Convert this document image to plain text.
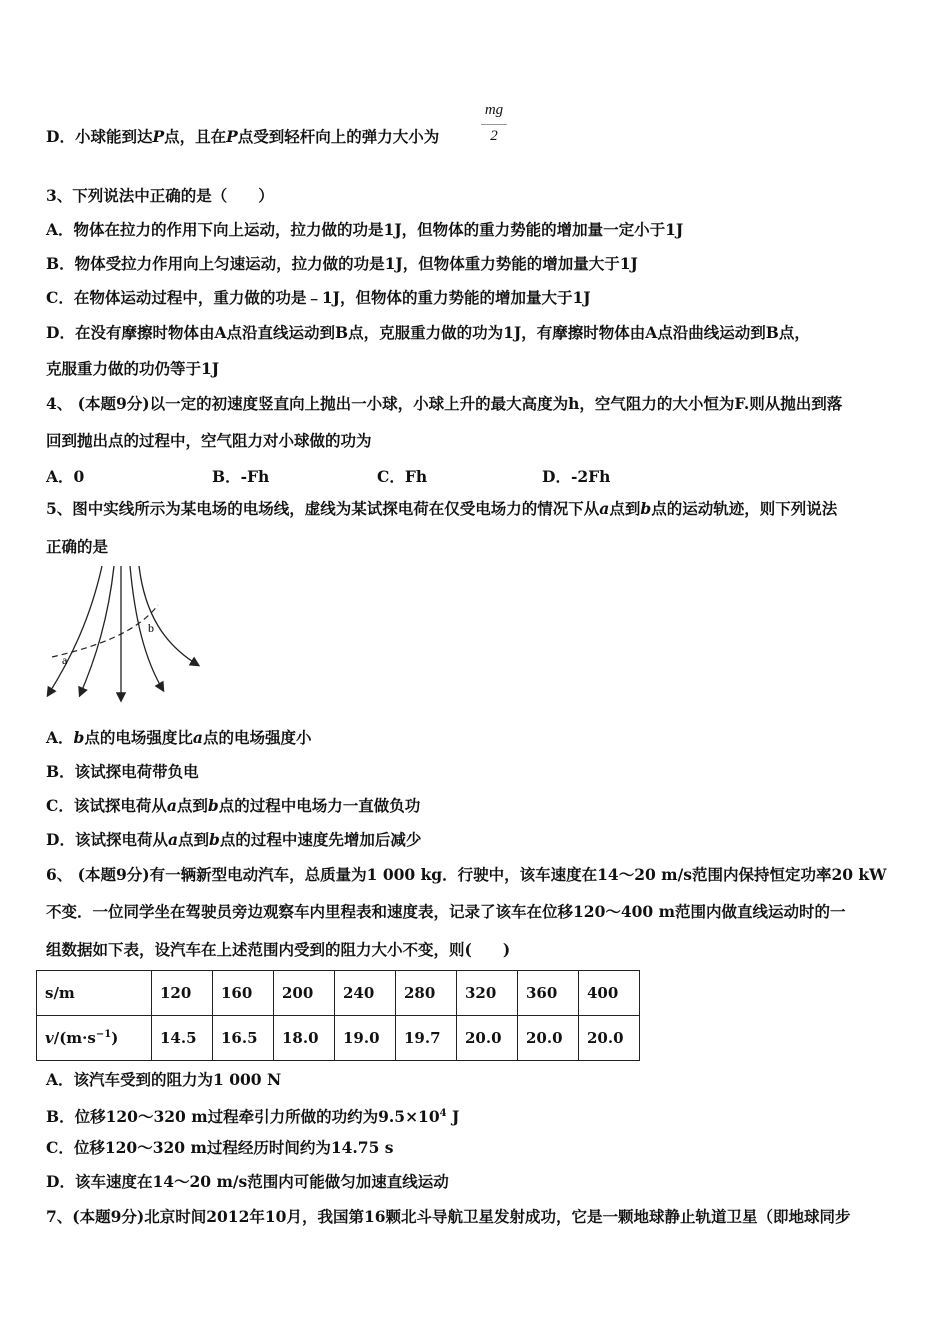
D．小球能到达P点，且在P点受到轻杆向上的弹力大小为
mg
2
3、下列说法中正确的是（　　）
A．物体在拉力的作用下向上运动，拉力做的功是1J，但物体的重力势能的增加量一定小于1J
B．物体受拉力作用向上匀速运动，拉力做的功是1J，但物体重力势能的增加量大于1J
C．在物体运动过程中，重力做的功是﹣1J，但物体的重力势能的增加量大于1J
D．在没有摩擦时物体由A点沿直线运动到B点，克服重力做的功为1J，有摩擦时物体由A点沿曲线运动到B点，
克服重力做的功仍等于1J
4、 (本题9分)以一定的初速度竖直向上抛出一小球，小球上升的最大高度为h，空气阻力的大小恒为F.则从抛出到落
回到抛出点的过程中，空气阻力对小球做的功为
A．0	B．-Fh	C．Fh	D．-2Fh
5、图中实线所示为某电场的电场线，虚线为某试探电荷在仅受电场力的情况下从a点到b点的运动轨迹，则下列说法
正确的是
a
b
A．b点的电场强度比a点的电场强度小
B．该试探电荷带负电
C．该试探电荷从a点到b点的过程中电场力一直做负功
D．该试探电荷从a点到b点的过程中速度先增加后减少
6、 (本题9分)有一辆新型电动汽车，总质量为1 000 kg．行驶中，该车速度在14～20 m/s范围内保持恒定功率20 kW
不变．一位同学坐在驾驶员旁边观察车内里程表和速度表，记录了该车在位移120～400 m范围内做直线运动时的一
组数据如下表，设汽车在上述范围内受到的阻力大小不变，则(　　)
s/m	120	160	200	240	280	320	360	400
$v/(m\cdot s^{-1})$	14.5	16.5	18.0	19.0	19.7	20.0	20.0	20.0
A．该汽车受到的阻力为1 000 N
B．位移120～320 m过程牵引力所做的功约为$9.5\times 10^4$ J
C．位移120～320 m过程经历时间约为14.75 s
D．该车速度在14～20 m/s范围内可能做匀加速直线运动
7、(本题9分)北京时间2012年10月，我国第16颗北斗导航卫星发射成功，它是一颗地球静止轨道卫星（即地球同步
